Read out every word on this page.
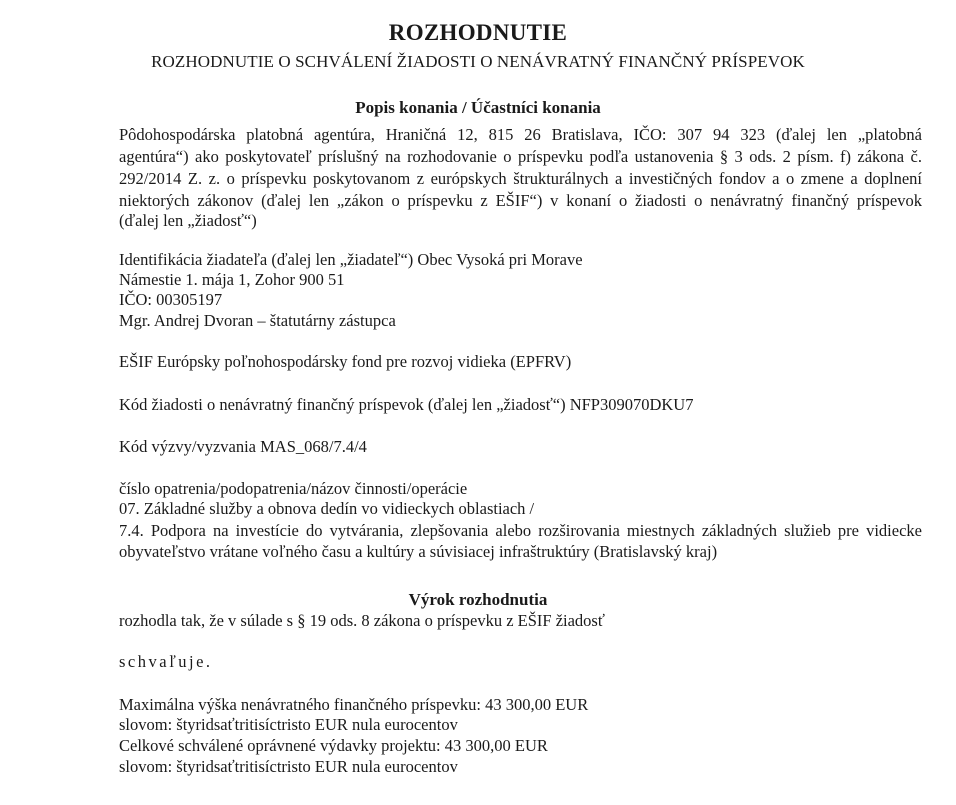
ROZHODNUTIE
ROZHODNUTIE O SCHVÁLENÍ ŽIADOSTI O NENÁVRATNÝ FINANČNÝ PRÍSPEVOK
Popis konania / Účastníci konania
Pôdohospodárska platobná agentúra, Hraničná 12, 815 26 Bratislava, IČO: 307 94 323 (ďalej len „platobná
agentúra“) ako poskytovateľ príslušný na rozhodovanie o príspevku podľa ustanovenia § 3 ods. 2 písm. f) zákona č.
292/2014 Z. z. o príspevku poskytovanom z európskych štrukturálnych a investičných fondov a o zmene a doplnení
niektorých zákonov (ďalej len „zákon o príspevku z EŠIF“) v konaní o žiadosti o nenávratný finančný príspevok
(ďalej len „žiadosť“)
Identifikácia žiadateľa (ďalej len „žiadateľ“) Obec Vysoká pri Morave
Námestie 1. mája 1, Zohor 900 51
IČO: 00305197
Mgr. Andrej Dvoran – štatutárny zástupca
EŠIF Európsky poľnohospodársky fond pre rozvoj vidieka (EPFRV)
Kód žiadosti o nenávratný finančný príspevok (ďalej len „žiadosť“) NFP309070DKU7
Kód výzvy/vyzvania MAS_068/7.4/4
číslo opatrenia/podopatrenia/názov činnosti/operácie
07. Základné služby a obnova dedín vo vidieckych oblastiach /
7.4. Podpora na investície do vytvárania, zlepšovania alebo rozširovania miestnych základných služieb pre vidiecke
obyvateľstvo vrátane voľného času a kultúry a súvisiacej infraštruktúry (Bratislavský kraj)
Výrok rozhodnutia
rozhodla tak, že v súlade s § 19 ods. 8 zákona o príspevku z EŠIF žiadosť
schvaľuje.
Maximálna výška nenávratného finančného príspevku: 43 300,00 EUR
slovom: štyridsaťtritisíctristo EUR nula eurocentov
Celkové schválené oprávnené výdavky projektu: 43 300,00 EUR
slovom: štyridsaťtritisíctristo EUR nula eurocentov
